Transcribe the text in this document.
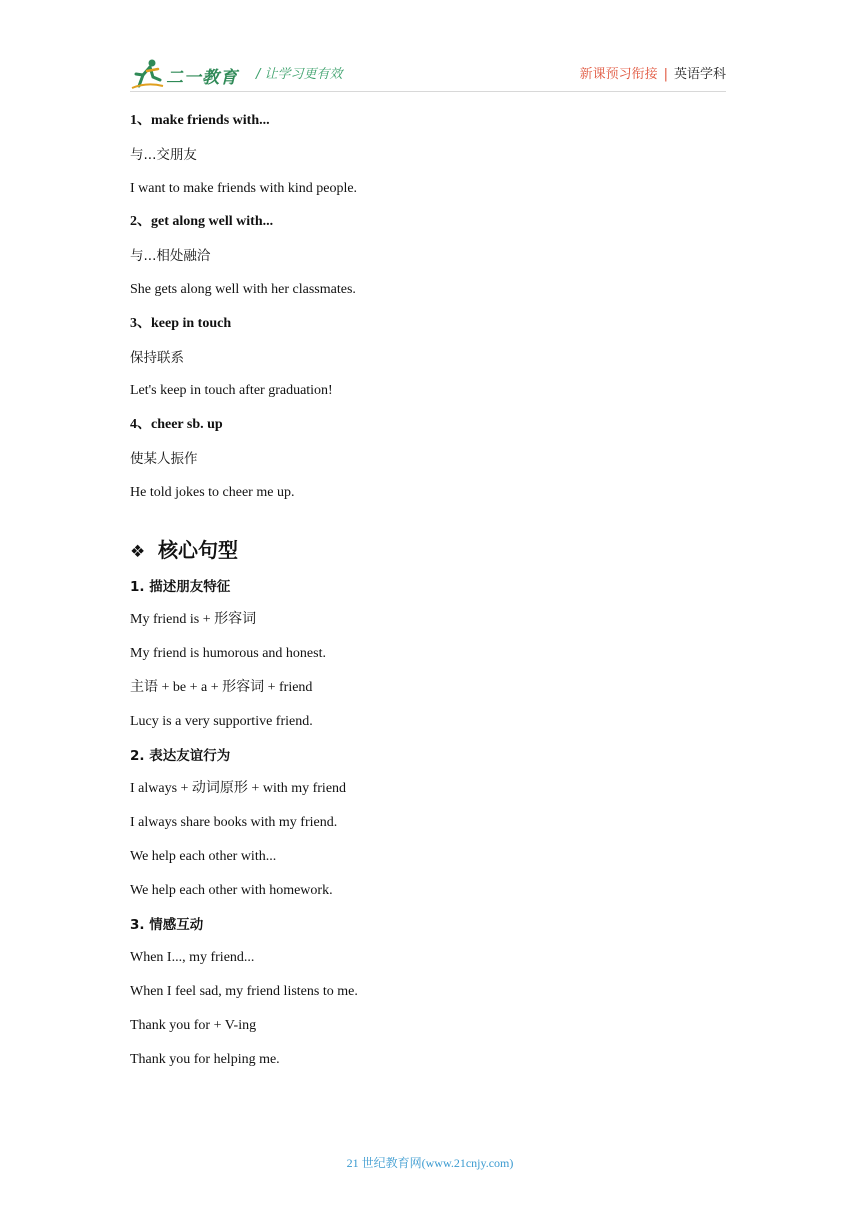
二一教育 / 让学习更有效	新课预习衔接 | 英语学科
1、make friends with...
与...交朋友
I want to make friends with kind people.
2、get along well with...
与...相处融洽
She gets along well with her classmates.
3、keep in touch
保持联系
Let's keep in touch after graduation!
4、cheer sb. up
使某人振作
He told jokes to cheer me up.
❖ 核心句型
1. 描述朋友特征
My friend is + 形容词
My friend is humorous and honest.
主语 + be + a + 形容词 + friend
Lucy is a very supportive friend.
2. 表达友谊行为
I always + 动词原形 + with my friend
I always share books with my friend.
We help each other with...
We help each other with homework.
3. 情感互动
When I..., my friend...
When I feel sad, my friend listens to me.
Thank you for + V-ing
Thank you for helping me.
21 世纪教育网(www.21cnjy.com)
